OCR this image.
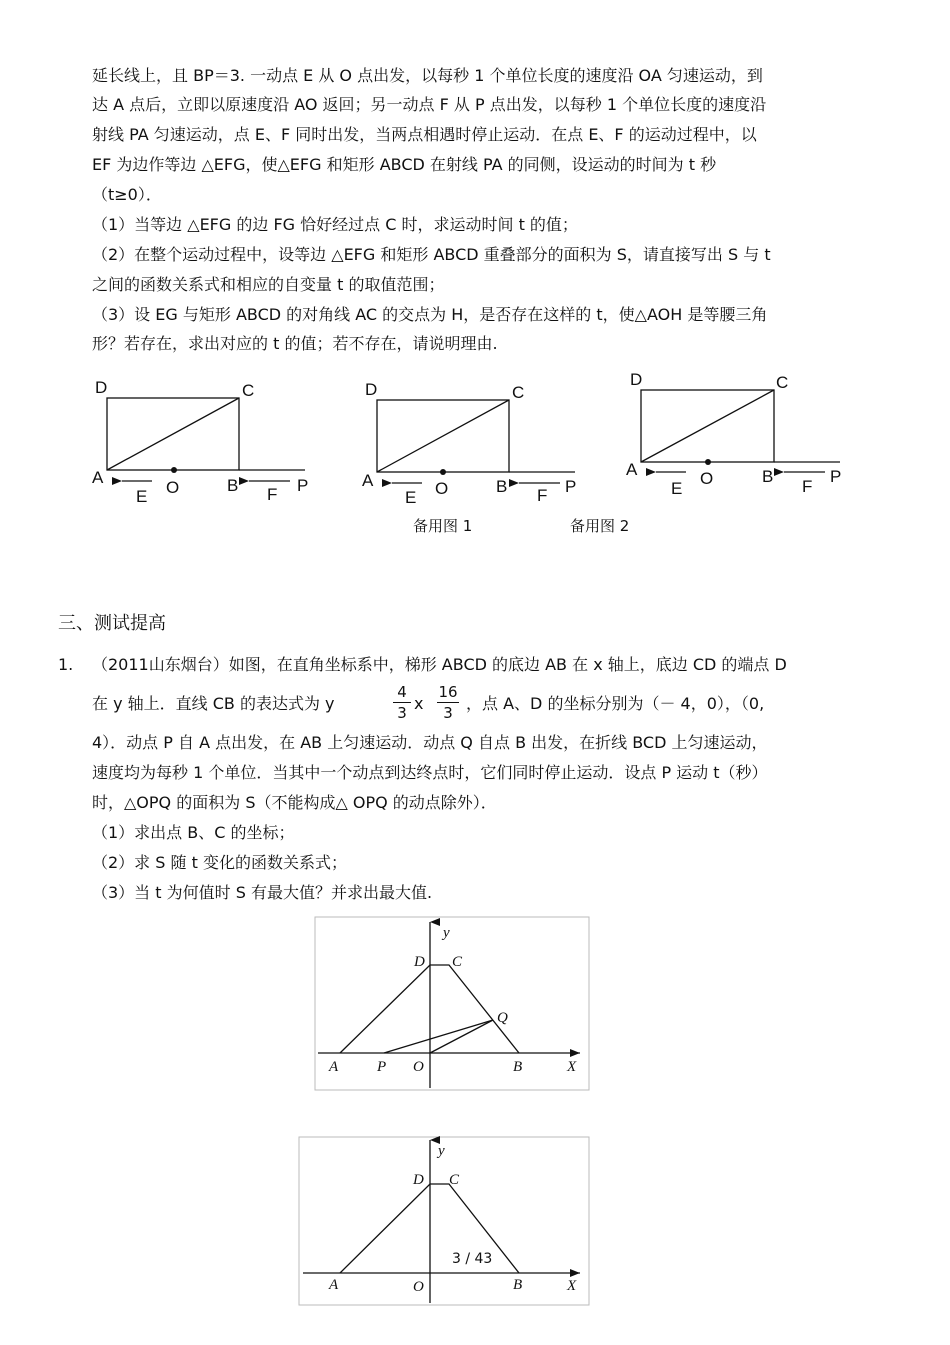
延长线上，且 BP＝3. 一动点 E 从 O 点出发，以每秒 1 个单位长度的速度沿 OA 匀速运动，到
达 A 点后，立即以原速度沿 AO 返回；另一动点 F 从 P 点出发，以每秒 1 个单位长度的速度沿
射线 PA 匀速运动，点 E、F 同时出发，当两点相遇时停止运动．在点 E、F 的运动过程中，以
EF 为边作等边 △EFG，使△EFG 和矩形 ABCD 在射线 PA 的同侧，设运动的时间为 t 秒
（t≥0）．
（1）当等边 △EFG 的边 FG 恰好经过点 C 时，求运动时间 t 的值；
（2）在整个运动过程中，设等边 △EFG 和矩形 ABCD 重叠部分的面积为 S，请直接写出 S 与 t
之间的函数关系式和相应的自变量 t 的取值范围；
（3）设 EG 与矩形 ABCD 的对角线 AC 的交点为 H，是否存在这样的 t，使△AOH 是等腰三角
形？若存在，求出对应的 t 的值；若不存在，请说明理由.
D	C
A
E O	B F P
D	C
A
E O	B F P
D	C
A
E
O	B
F
P
y
D C
Q
A	P O	B	X
y
D C
A	O	B	X
备用图 1	备用图 2
三、测试提高
1. （2011山东烟台）如图，在直角坐标系中，梯形 ABCD 的底边 AB 在 x 轴上，底边 CD 的端点 D
在 y 轴上．直线 CB 的表达式为 y
4
3 x
16
3 ，点 A、D 的坐标分别为（－ 4，0），（0,
4）．动点 P 自 A 点出发，在 AB 上匀速运动．动点 Q 自点 B 出发，在折线 BCD 上匀速运动，
速度均为每秒 1 个单位．当其中一个动点到达终点时，它们同时停止运动．设点 P 运动 t（秒）
时，△OPQ 的面积为 S（不能构成△ OPQ 的动点除外）．
（1）求出点 B、C 的坐标；
（2）求 S 随 t 变化的函数关系式；
（3）当 t 为何值时 S 有最大值？并求出最大值.
3 / 43
